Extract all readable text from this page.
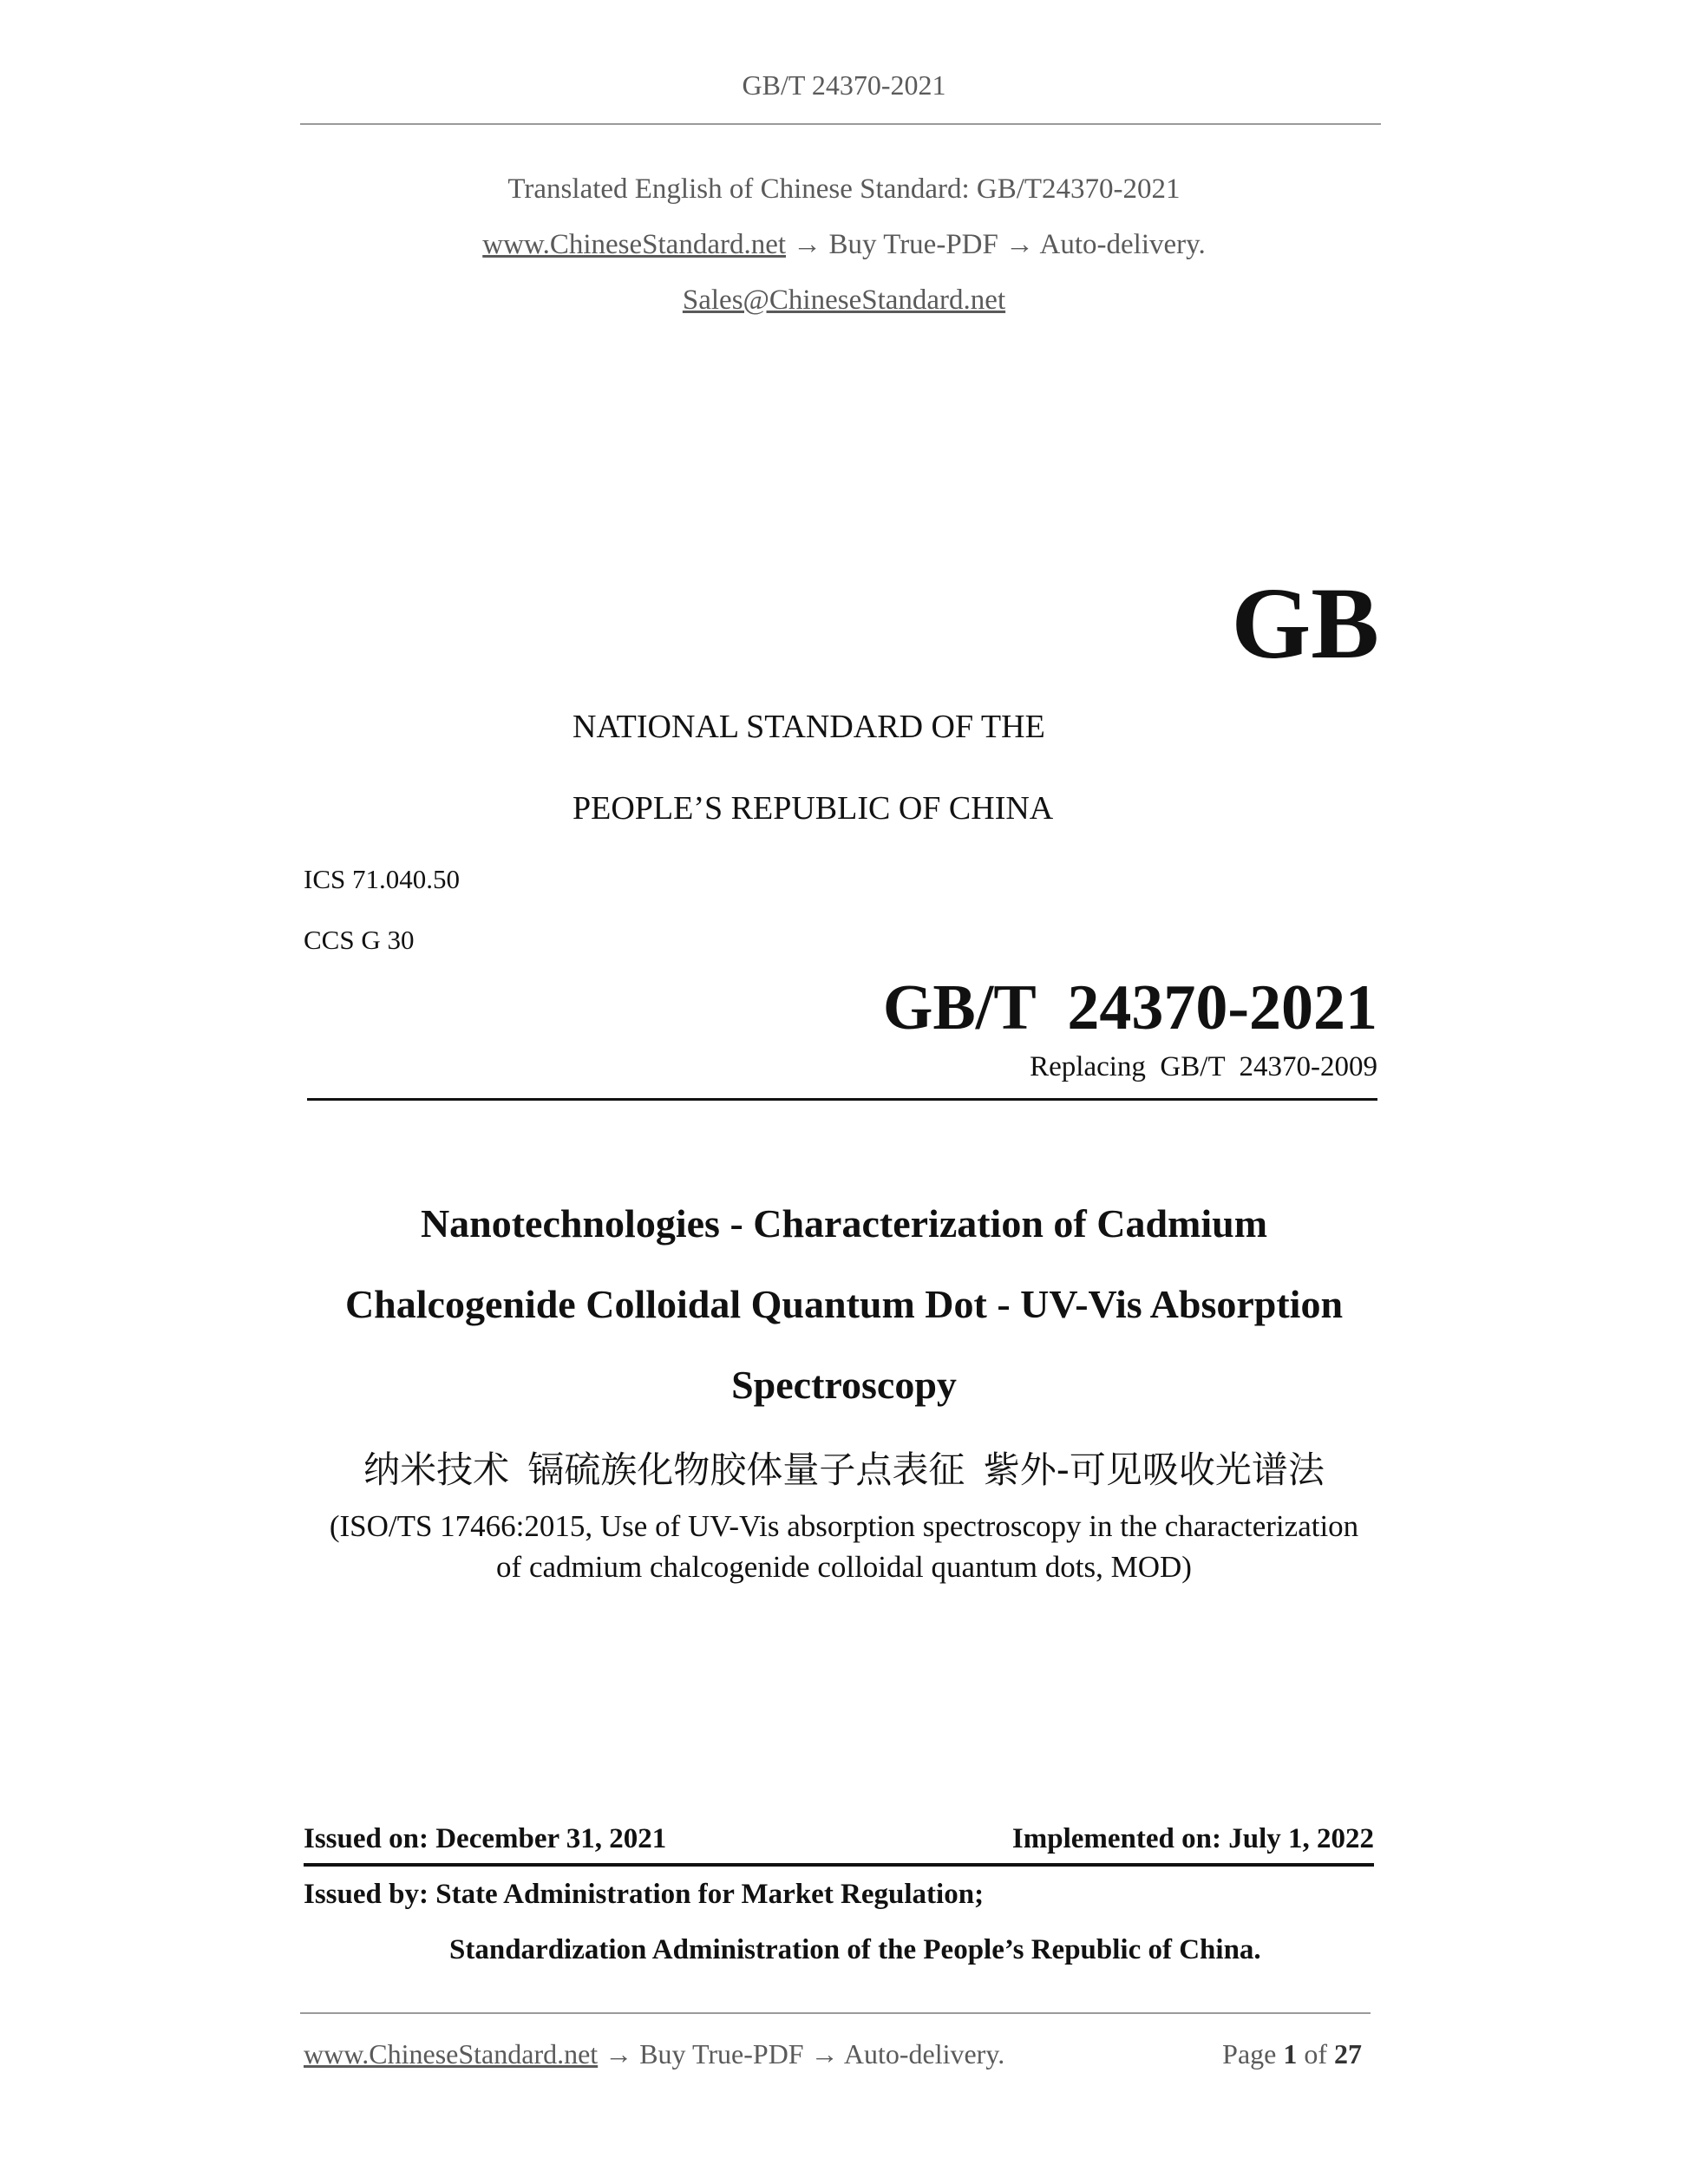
GB/T 24370-2021
Translated English of Chinese Standard: GB/T24370-2021
www.ChineseStandard.net → Buy True-PDF → Auto-delivery.
Sales@ChineseStandard.net
GB
NATIONAL STANDARD OF THE
PEOPLE’S REPUBLIC OF CHINA
ICS 71.040.50
CCS G 30
GB/T  24370-2021
Replacing  GB/T  24370-2009
Nanotechnologies - Characterization of Cadmium
Chalcogenide Colloidal Quantum Dot - UV-Vis Absorption
Spectroscopy
纳米技术 镉硫族化物胶体量子点表征 紫外-可见吸收光谱法
(ISO/TS 17466:2015, Use of UV-Vis absorption spectroscopy in the characterization
of cadmium chalcogenide colloidal quantum dots, MOD)
Issued on: December 31, 2021	Implemented on: July 1, 2022
Issued by: State Administration for Market Regulation;
Standardization Administration of the People’s Republic of China.
www.ChineseStandard.net → Buy True-PDF → Auto-delivery.	Page 1 of 27
